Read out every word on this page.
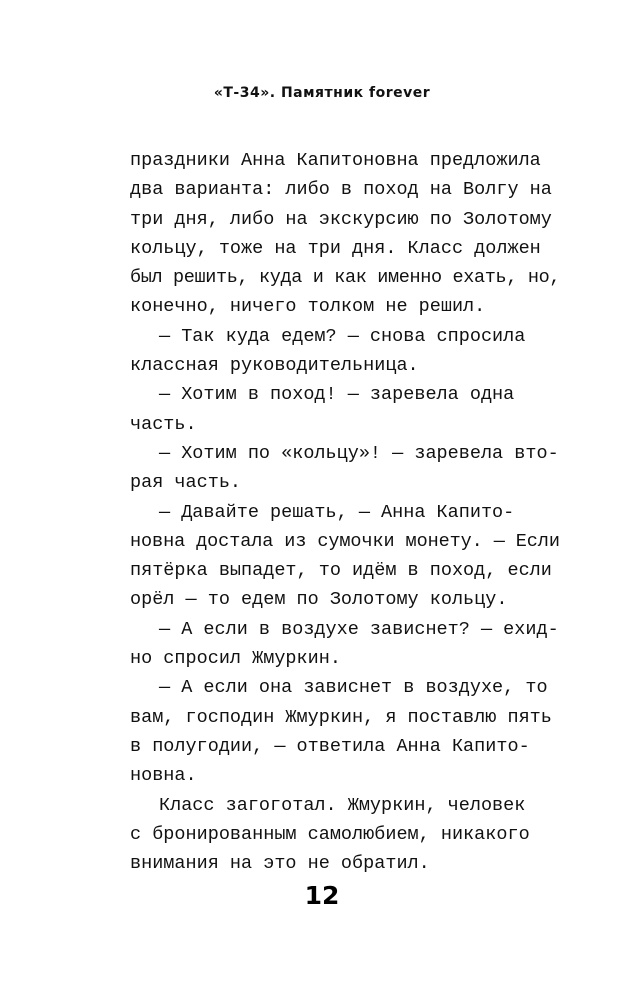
«Т-34». Памятник forever
праздники Анна Капитоновна предложила
два варианта: либо в поход на Волгу на
три дня, либо на экскурсию по Золотому
кольцу, тоже на три дня. Класс должен
был решить, куда и как именно ехать, но,
конечно, ничего толком не решил.
— Так куда едем? — снова спросила
классная руководительница.
— Хотим в поход! — заревела одна
часть.
— Хотим по «кольцу»! — заревела вто-
рая часть.
— Давайте решать, — Анна Капито-
новна достала из сумочки монету. — Если
пятёрка выпадет, то идём в поход, если
орёл — то едем по Золотому кольцу.
— А если в воздухе зависнет? — ехид-
но спросил Жмуркин.
— А если она зависнет в воздухе, то
вам, господин Жмуркин, я поставлю пять
в полугодии, — ответила Анна Капито-
новна.
Класс загоготал. Жмуркин, человек
с бронированным самолюбием, никакого
внимания на это не обратил.
12
